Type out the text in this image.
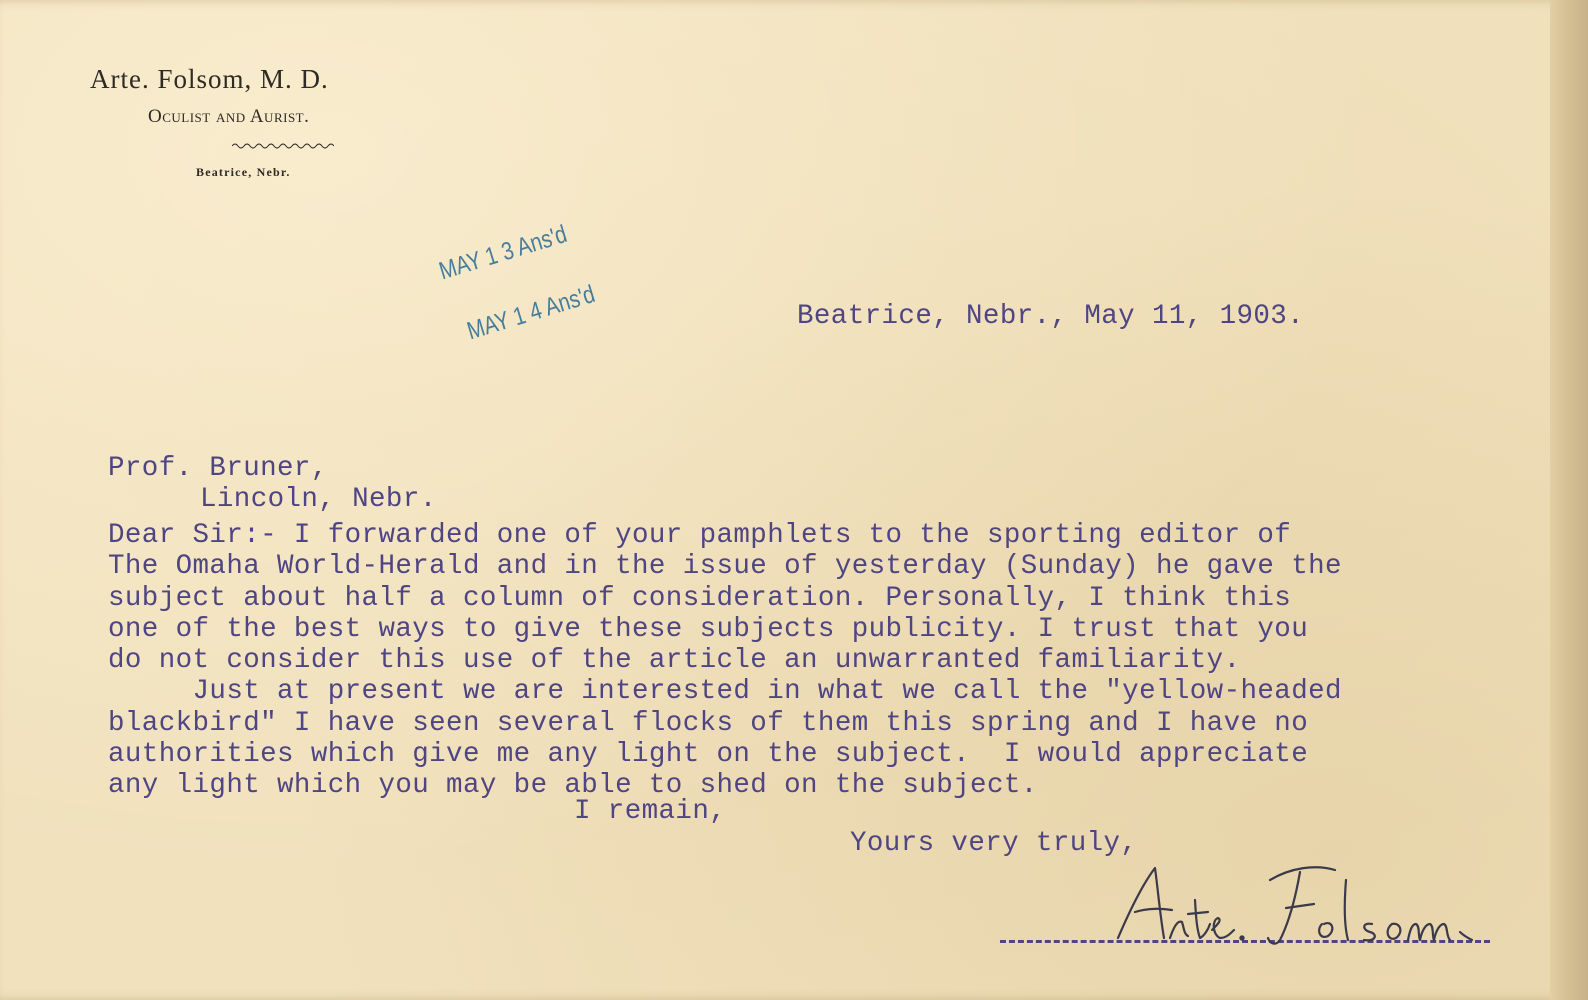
Arte. Folsom, M. D.
Oculist and Aurist.
Beatrice, Nebr.
MAY 1 3 Ans'd
MAY 1 4 Ans'd	Beatrice, Nebr., May 11, 1903.
Prof. Bruner,
Lincoln, Nebr.
Dear Sir:- I forwarded one of your pamphlets to the sporting editor of
The Omaha World-Herald and in the issue of yesterday (Sunday) he gave the
subject about half a column of consideration. Personally, I think this
one of the best ways to give these subjects publicity. I trust that you
do not consider this use of the article an unwarranted familiarity.
Just at present we are interested in what we call the "yellow-headed
blackbird" I have seen several flocks of them this spring and I have no
authorities which give me any light on the subject.  I would appreciate
any light which you may be able to shed on the subject.
I remain,
Yours very truly,
